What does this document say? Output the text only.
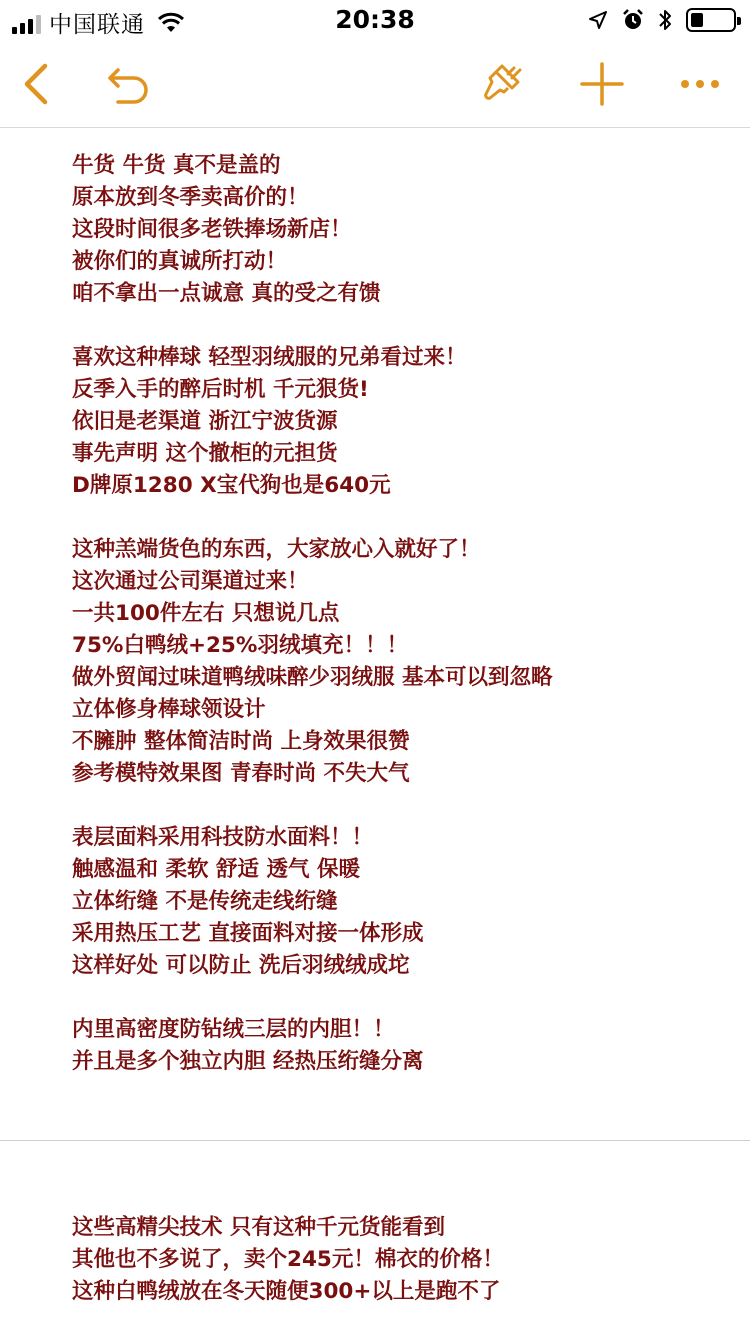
中国联通	20:38
牛货 牛货 真不是盖的
原本放到冬季卖高价的！
这段时间很多老铁捧场新店！
被你们的真诚所打动！
咱不拿出一点诚意 真的受之有馈
喜欢这种棒球 轻型羽绒服的兄弟看过来！
反季入手的醉后时机 千元狠货!
依旧是老渠道 浙江宁波货源
事先声明 这个撤柜的元担货
D牌原1280 X宝代狗也是640元
这种羔端货色的东西，大家放心入就好了！
这次通过公司渠道过来！
一共100件左右 只想说几点
75%白鸭绒+25%羽绒填充！！！
做外贸闻过味道鸭绒味醉少羽绒服 基本可以到忽略
立体修身棒球领设计
不臃肿 整体简洁时尚 上身效果很赞
参考模特效果图 青春时尚 不失大气
表层面料采用科技防水面料！！
触感温和 柔软 舒适 透气 保暖
立体绗缝 不是传统走线绗缝
采用热压工艺 直接面料对接一体形成
这样好处 可以防止 洗后羽绒绒成坨
内里高密度防钻绒三层的内胆！！
并且是多个独立内胆 经热压绗缝分离
这些高精尖技术 只有这种千元货能看到
其他也不多说了，卖个245元！棉衣的价格！
这种白鸭绒放在冬天随便300+以上是跑不了
